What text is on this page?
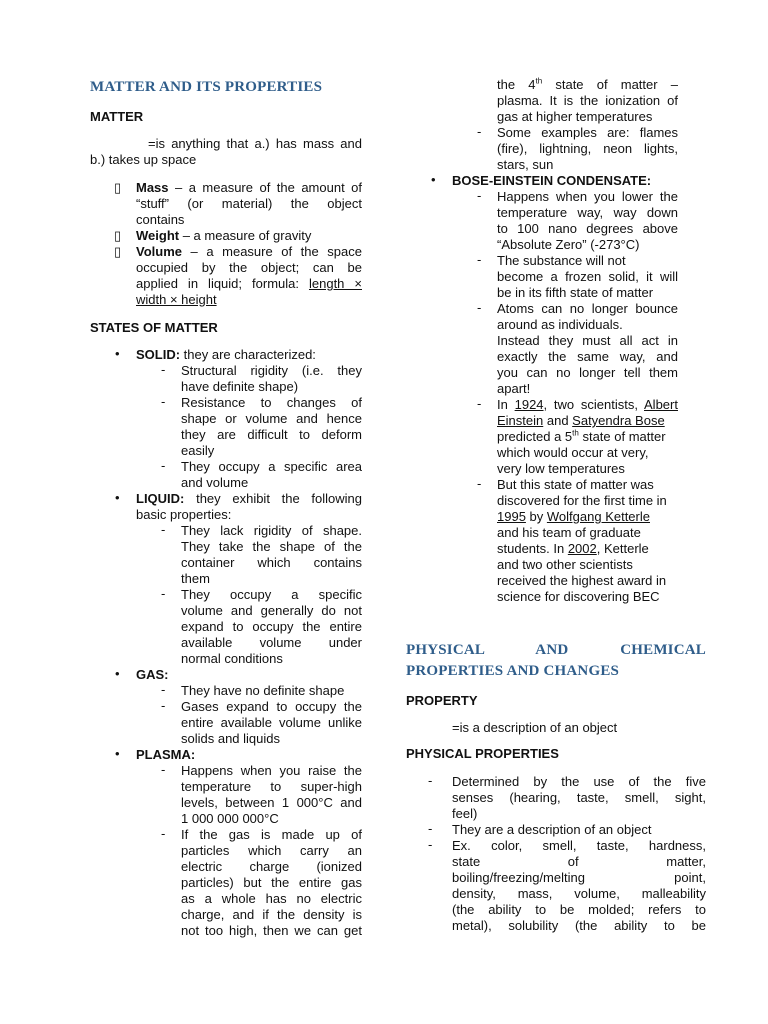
MATTER AND ITS PROPERTIES
MATTER
=is anything that a.) has mass and
b.) takes up space
▯ Mass – a measure of the amount of
“stuff” (or material) the object
contains
▯ Weight – a measure of gravity
▯ Volume – a measure of the space
occupied by the object; can be
applied in liquid; formula: length ×
width × height
STATES OF MATTER
• SOLID: they are characterized:
- Structural rigidity (i.e. they
have definite shape)
- Resistance to changes of
shape or volume and hence
they are difficult to deform
easily
- They occupy a specific area
and volume
• LIQUID: they exhibit the following
basic properties:
- They lack rigidity of shape.
They take the shape of the
container which contains
them
- They occupy a specific
volume and generally do not
expand to occupy the entire
available volume under
normal conditions
• GAS:
- They have no definite shape
- Gases expand to occupy the
entire available volume unlike
solids and liquids
• PLASMA:
- Happens when you raise the
temperature to super-high
levels, between 1 000°C and
1 000 000 000°C
- If the gas is made up of
particles which carry an
electric charge (ionized
particles) but the entire gas
as a whole has no electric
charge, and if the density is
not too high, then we can get
the 4th state of matter –
plasma. It is the ionization of
gas at higher temperatures
- Some examples are: flames
(fire), lightning, neon lights,
stars, sun
• BOSE-EINSTEIN CONDENSATE:
- Happens when you lower the
temperature way, way down
to 100 nano degrees above
“Absolute Zero” (-273°C)
- The substance will not
become a frozen solid, it will
be in its fifth state of matter
- Atoms can no longer bounce
around as individuals.
Instead they must all act in
exactly the same way, and
you can no longer tell them
apart!
- In 1924, two scientists, Albert
Einstein and Satyendra Bose
predicted a 5th state of matter
which would occur at very,
very low temperatures
- But this state of matter was
discovered for the first time in
1995 by Wolfgang Ketterle
and his team of graduate
students. In 2002, Ketterle
and two other scientists
received the highest award in
science for discovering BEC
PHYSICAL AND CHEMICAL
PROPERTIES AND CHANGES
PROPERTY
=is a description of an object
PHYSICAL PROPERTIES
- Determined by the use of the five
senses (hearing, taste, smell, sight,
feel)
- They are a description of an object
- Ex. color, smell, taste, hardness,
state of matter,
boiling/freezing/melting point,
density, mass, volume, malleability
(the ability to be molded; refers to
metal), solubility (the ability to be
